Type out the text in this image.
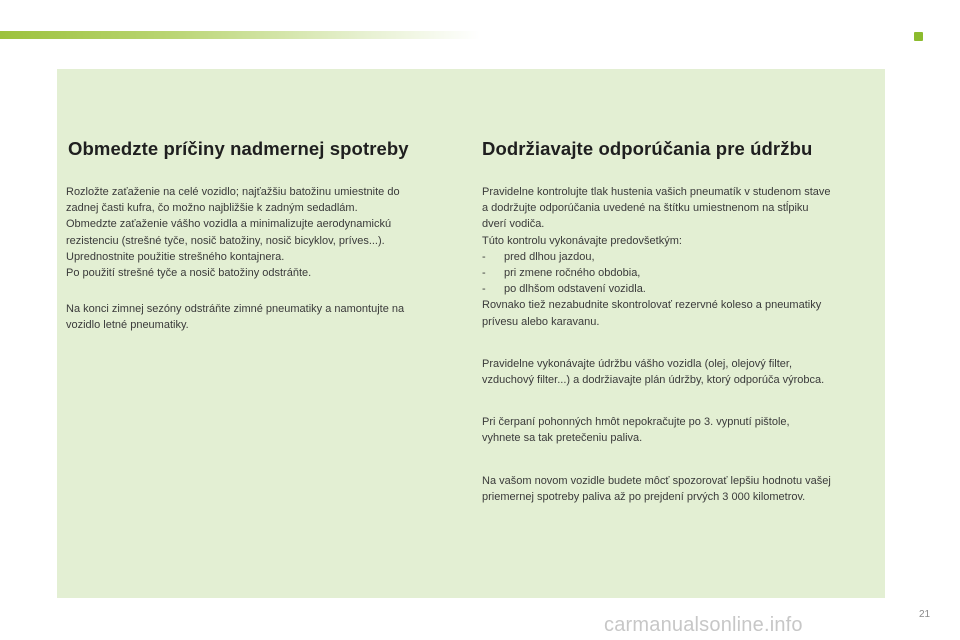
Obmedzte príčiny nadmernej spotreby

Rozložte zaťaženie na celé vozidlo; najťažšiu batožinu umiestnite do
zadnej časti kufra, čo možno najbližšie k zadným sedadlám.
Obmedzte zaťaženie vášho vozidla a minimalizujte aerodynamickú
rezistenciu (strešné tyče, nosič batožiny, nosič bicyklov, príves...).
Uprednostnite použitie strešného kontajnera.
Po použití strešné tyče a nosič batožiny odstráňte.

Na konci zimnej sezóny odstráňte zimné pneumatiky a namontujte na
vozidlo letné pneumatiky.

Dodržiavajte odporúčania pre údržbu

Pravidelne kontrolujte tlak hustenia vašich pneumatík v studenom stave
a dodržujte odporúčania uvedené na štítku umiestnenom na stĺpiku
dverí vodiča.
Túto kontrolu vykonávajte predovšetkým:
-      pred dlhou jazdou,
-      pri zmene ročného obdobia,
-      po dlhšom odstavení vozidla.
Rovnako tiež nezabudnite skontrolovať rezervné koleso a pneumatiky
prívesu alebo karavanu.

Pravidelne vykonávajte údržbu vášho vozidla (olej, olejový filter,
vzduchový filter...) a dodržiavajte plán údržby, ktorý odporúča výrobca.

Pri čerpaní pohonných hmôt nepokračujte po 3. vypnutí pištole,
vyhnete sa tak pretečeniu paliva.

Na vašom novom vozidle budete môcť spozorovať lepšiu hodnotu vašej
priemernej spotreby paliva až po prejdení prvých 3 000 kilometrov.

21
carmanualsonline.info
